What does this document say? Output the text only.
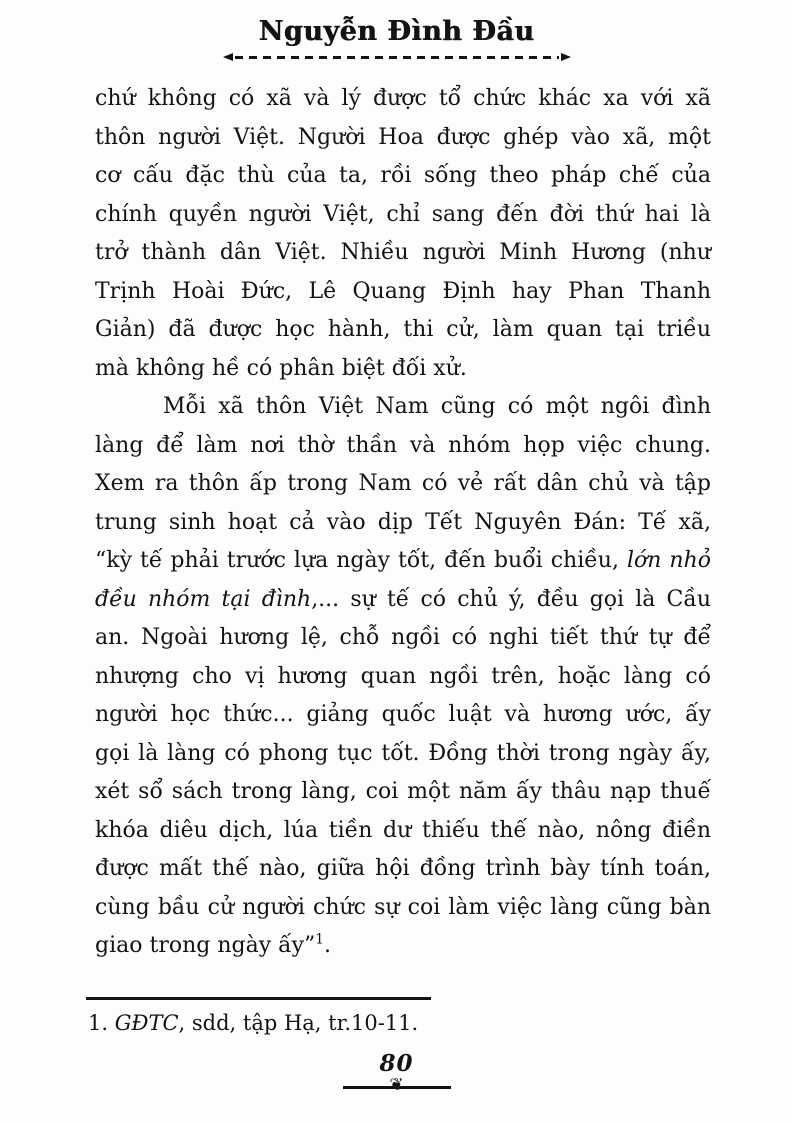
Nguyễn Đình Đầu
chứ không có xã và lý được tổ chức khác xa với xã
thôn người Việt. Người Hoa được ghép vào xã, một
cơ cấu đặc thù của ta, rồi sống theo pháp chế của
chính quyền người Việt, chỉ sang đến đời thứ hai là
trở thành dân Việt. Nhiều người Minh Hương (như
Trịnh Hoài Đức, Lê Quang Định hay Phan Thanh
Giản) đã được học hành, thi cử, làm quan tại triều
mà không hề có phân biệt đối xử.
Mỗi xã thôn Việt Nam cũng có một ngôi đình
làng để làm nơi thờ thần và nhóm họp việc chung.
Xem ra thôn ấp trong Nam có vẻ rất dân chủ và tập
trung sinh hoạt cả vào dịp Tết Nguyên Đán: Tế xã,
“kỳ tế phải trước lựa ngày tốt, đến buổi chiều, lớn nhỏ
đều nhóm tại đình,... sự tế có chủ ý, đều gọi là Cầu
an. Ngoài hương lệ, chỗ ngồi có nghi tiết thứ tự để
nhượng cho vị hương quan ngồi trên, hoặc làng có
người học thức... giảng quốc luật và hương ước, ấy
gọi là làng có phong tục tốt. Đồng thời trong ngày ấy,
xét sổ sách trong làng, coi một năm ấy thâu nạp thuế
khóa diêu dịch, lúa tiền dư thiếu thế nào, nông điền
được mất thế nào, giữa hội đồng trình bày tính toán,
cùng bầu cử người chức sự coi làm việc làng cũng bàn
giao trong ngày ấy”$^1$.
1. GĐTC, sdd, tập Hạ, tr.10-11.
80
❦
